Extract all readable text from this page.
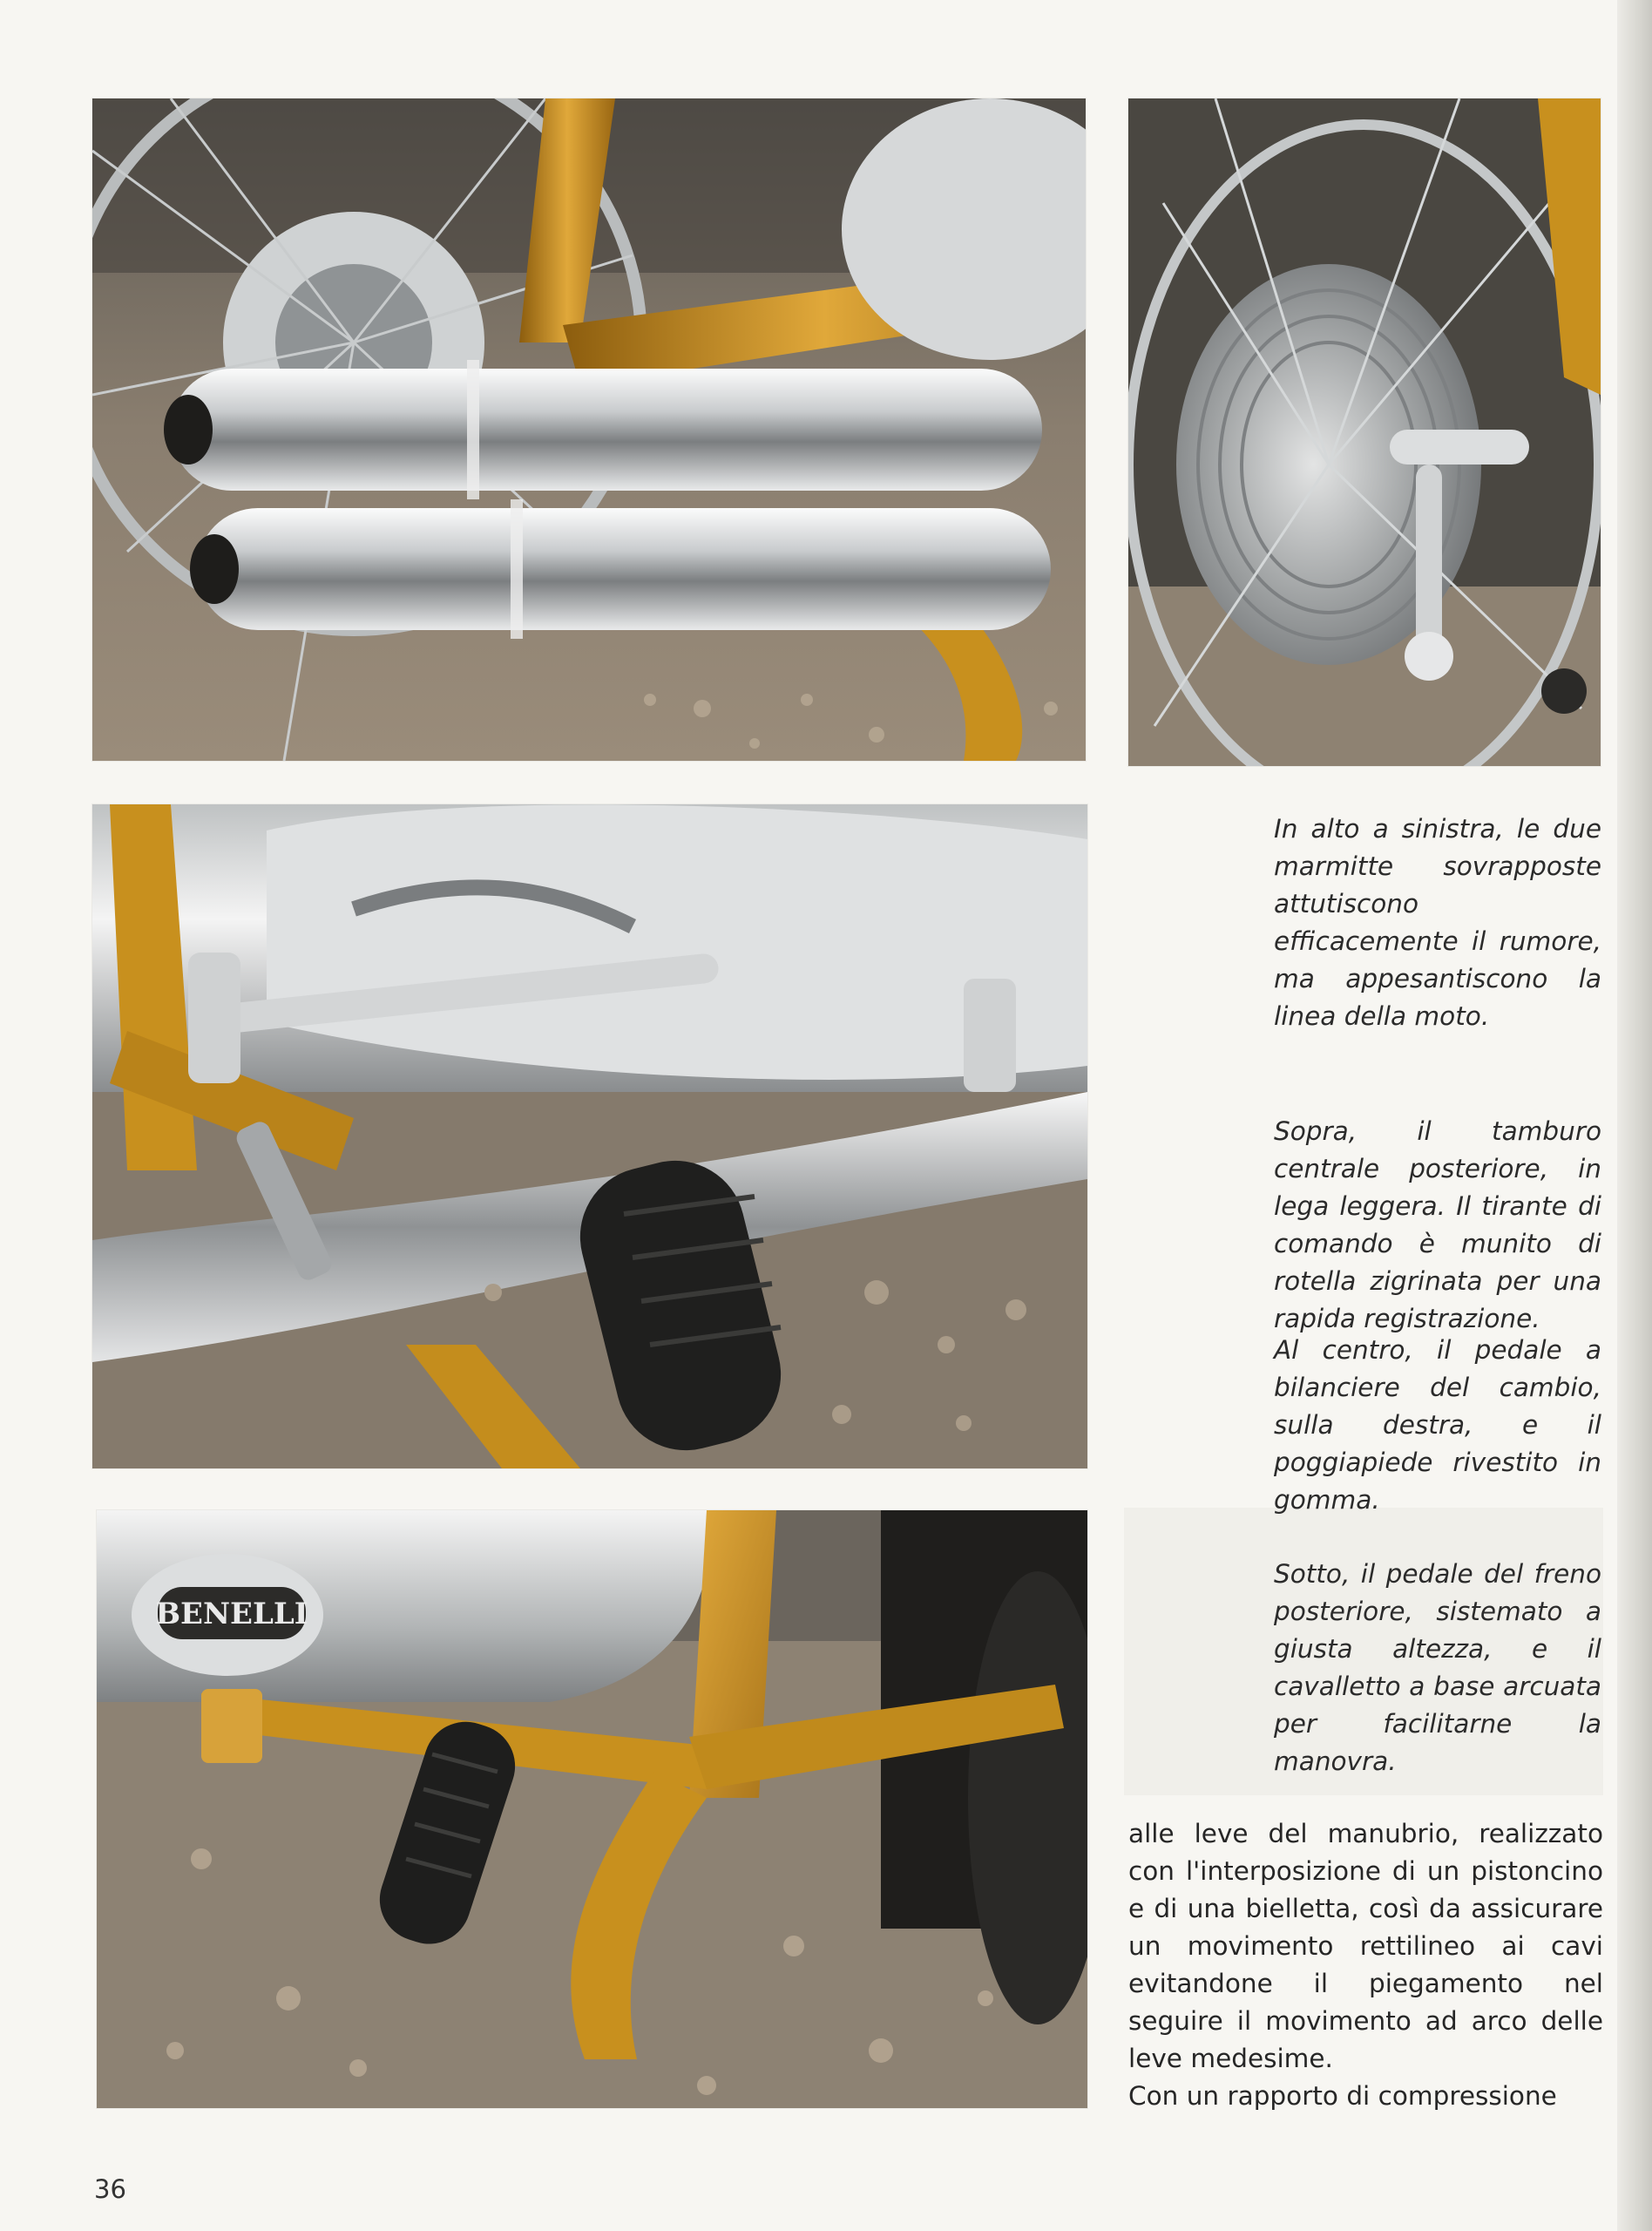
BENELLI
In alto a sinistra, le due marmitte sovrapposte attutiscono efficacemente il rumore, ma appesantiscono la linea della moto.
Sopra, il tamburo centrale posteriore, in lega leggera. Il tirante di comando è munito di rotella zigrinata per una rapida registrazione.
Al centro, il pedale a bilanciere del cambio, sulla destra, e il poggiapiede rivestito in gomma.
Sotto, il pedale del freno posteriore, sistemato a giusta altezza, e il cavalletto a base arcuata per facilitarne la manovra.

alle leve del manubrio, realizzato con l'interposizione di un pistoncino e di una bielletta, così da assicurare un movimento rettilineo ai cavi evitandone il piegamento nel seguire il movimento ad arco delle leve medesime.

Con un rapporto di compressione

36
